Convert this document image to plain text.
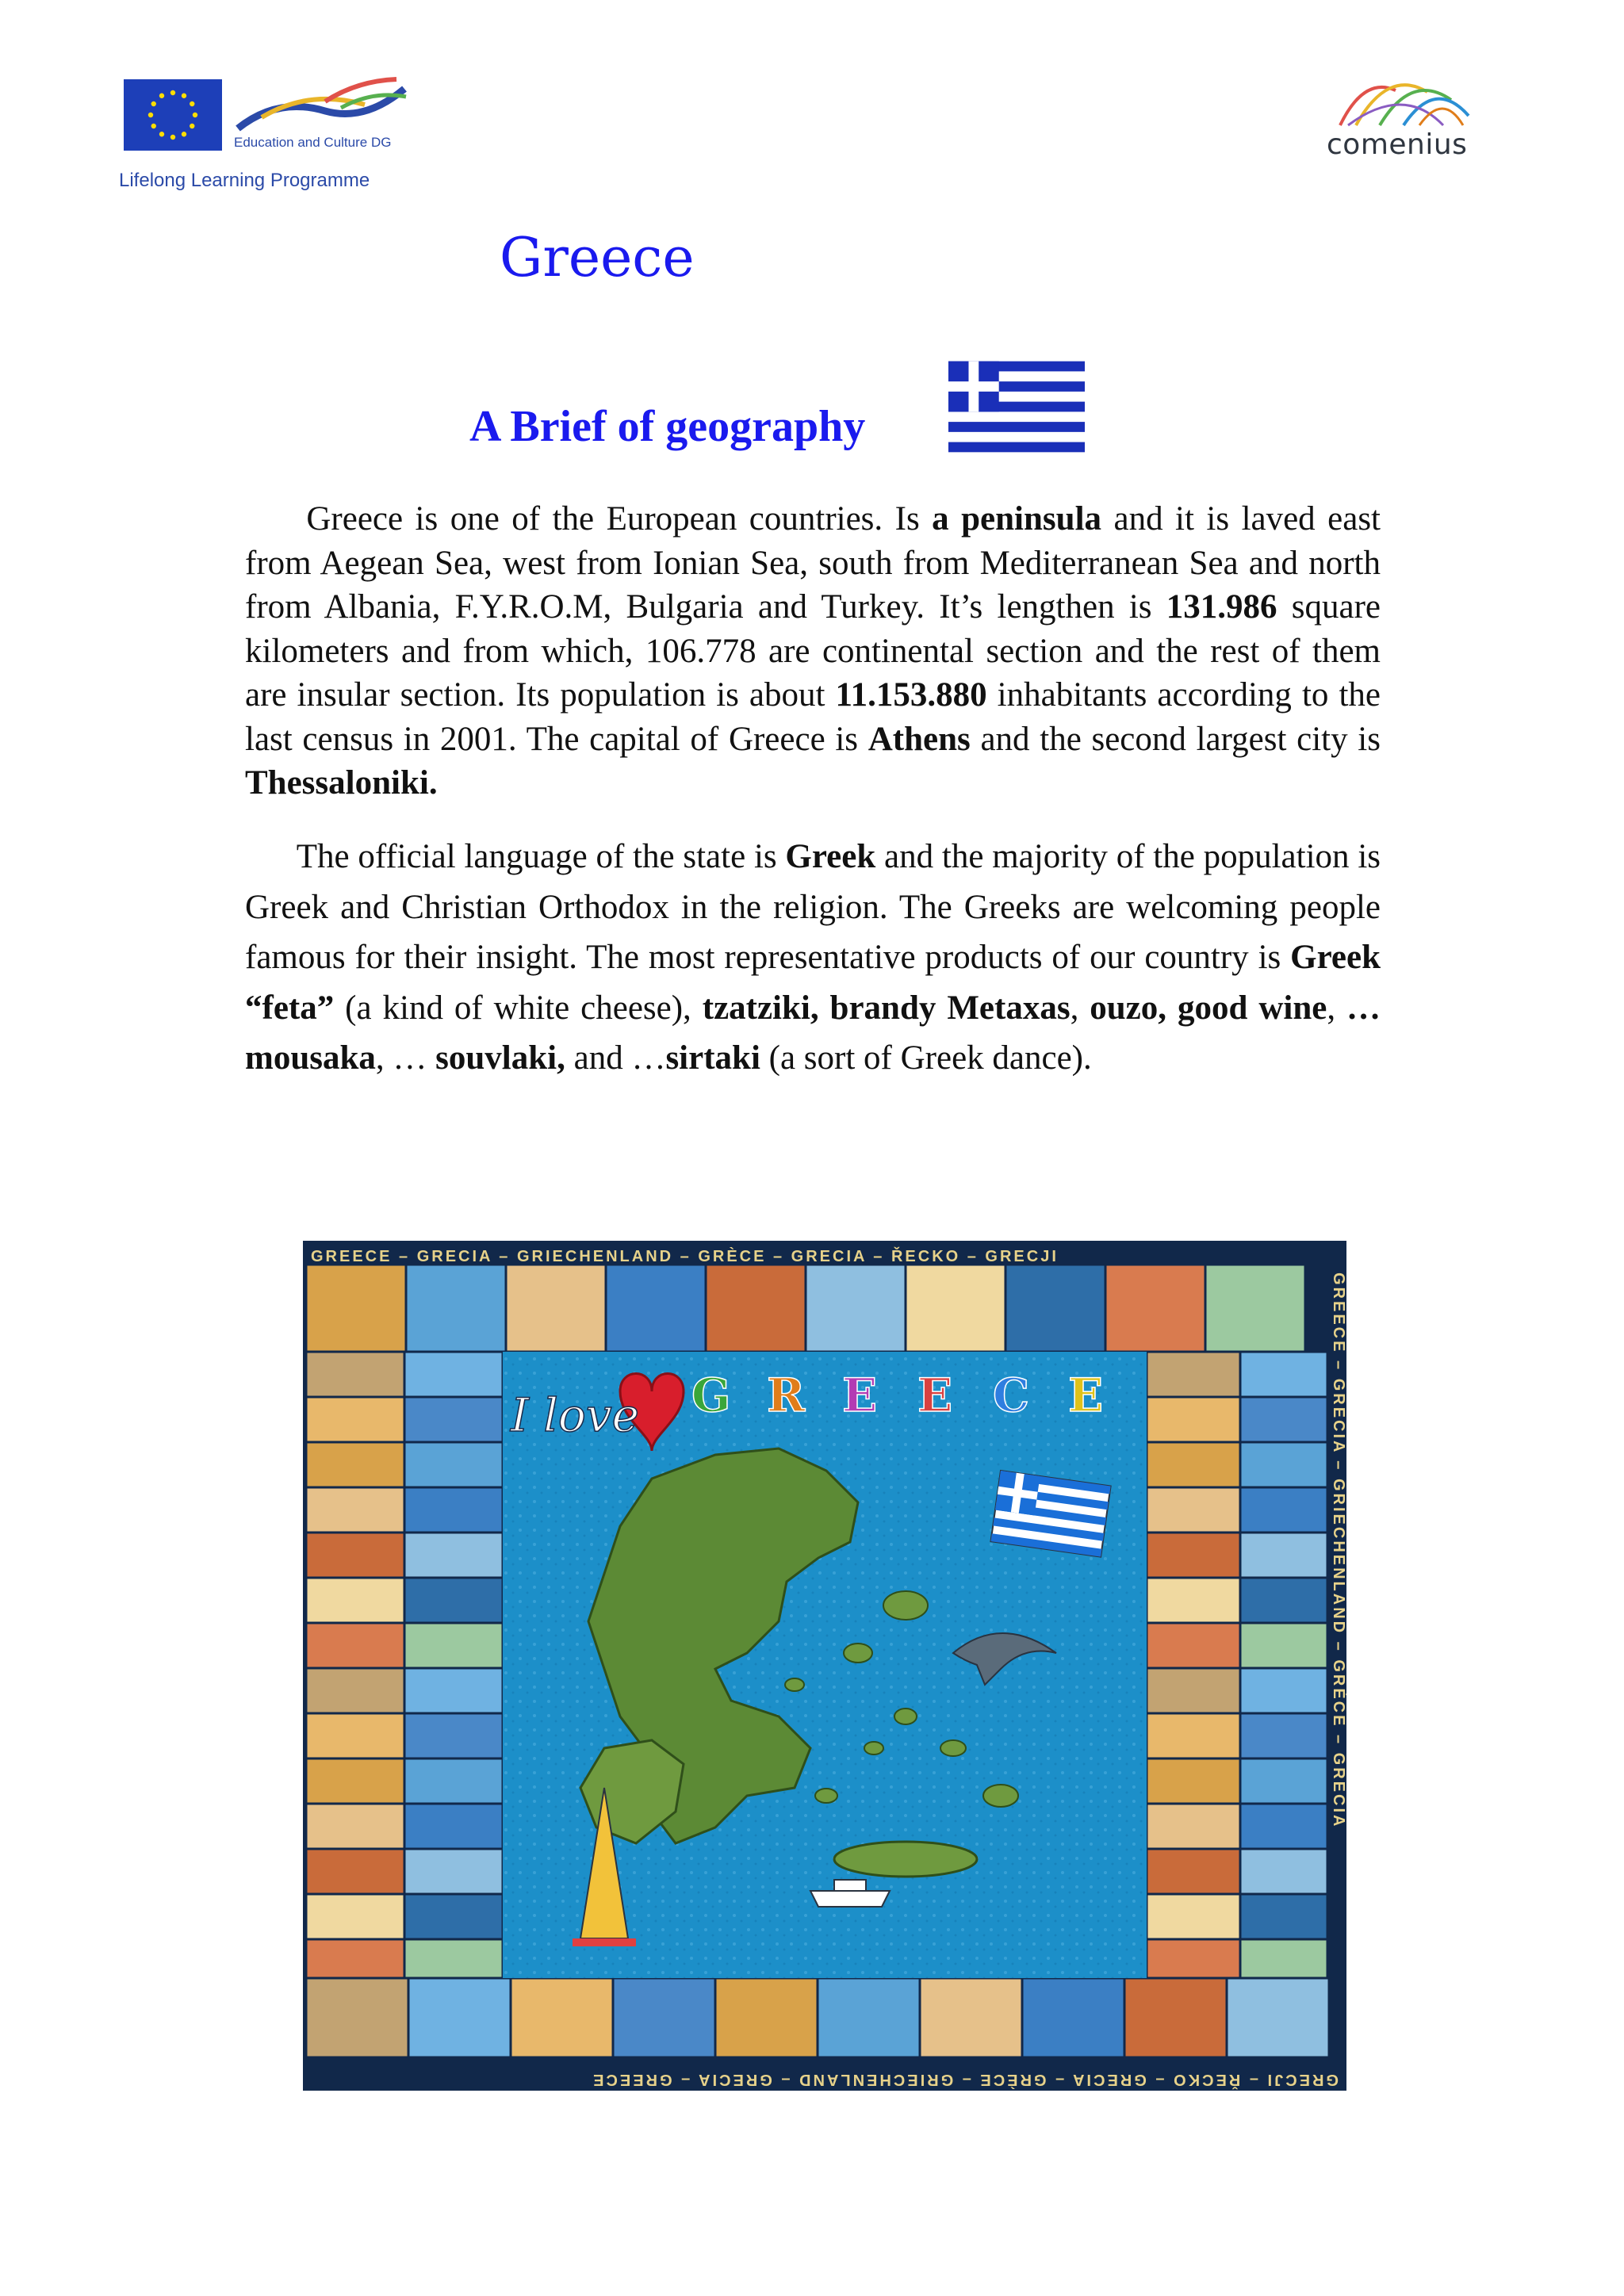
Education and Culture DG
Lifelong Learning Programme
comenius
Greece
A Brief of geography

Greece is one of the European countries. Is a peninsula and it is laved east from Aegean Sea, west from Ionian Sea, south from Mediterranean Sea and north from Albania, F.Y.R.O.M, Bulgaria and Turkey. It’s lengthen is 131.986 square kilometers and from which, 106.778 are continental section and the rest of them are insular section. Its population is about 11.153.880 inhabitants according to the last census in 2001. The capital of Greece is Athens and the second largest city is Thessaloniki.

The official language of the state is Greek and the majority of the population is Greek and Christian Orthodox in the religion. The Greeks are welcoming people famous for their insight. The most representative products of our country is Greek “feta” (a kind of white cheese), tzatziki, brandy Metaxas, ouzo, good wine, … mousaka, … souvlaki, and …sirtaki (a sort of Greek dance).

I love G R E E C E
GREECE – GRECIA – GRIECHENLAND – GRÈCE – GRECIA – ŘECKO – GRECJI
GREECE – GRECIA – GRIECHENLAND – GRÈCE – GRECIA
GRECJI – ŘECKO – GRECIA – GRÈCE – GRIECHENLAND – GRECIA – GREECE
